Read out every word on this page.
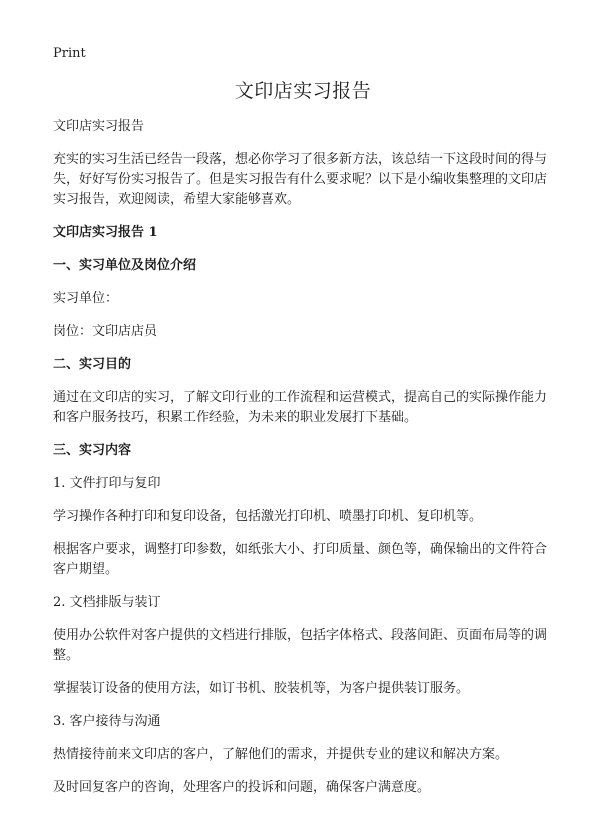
Print
文印店实习报告

文印店实习报告

充实的实习生活已经告一段落，想必你学习了很多新方法，该总结一下这段时间的得与失，好好写份实习报告了。但是实习报告有什么要求呢？以下是小编收集整理的文印店实习报告，欢迎阅读，希望大家能够喜欢。

文印店实习报告 1

一、实习单位及岗位介绍

实习单位：

岗位：文印店店员

二、实习目的

通过在文印店的实习，了解文印行业的工作流程和运营模式，提高自己的实际操作能力和客户服务技巧，积累工作经验，为未来的职业发展打下基础。

三、实习内容

1. 文件打印与复印

学习操作各种打印和复印设备，包括激光打印机、喷墨打印机、复印机等。

根据客户要求，调整打印参数，如纸张大小、打印质量、颜色等，确保输出的文件符合客户期望。

2. 文档排版与装订

使用办公软件对客户提供的文档进行排版，包括字体格式、段落间距、页面布局等的调整。

掌握装订设备的使用方法，如订书机、胶装机等，为客户提供装订服务。

3. 客户接待与沟通

热情接待前来文印店的客户，了解他们的需求，并提供专业的建议和解决方案。

及时回复客户的咨询，处理客户的投诉和问题，确保客户满意度。
